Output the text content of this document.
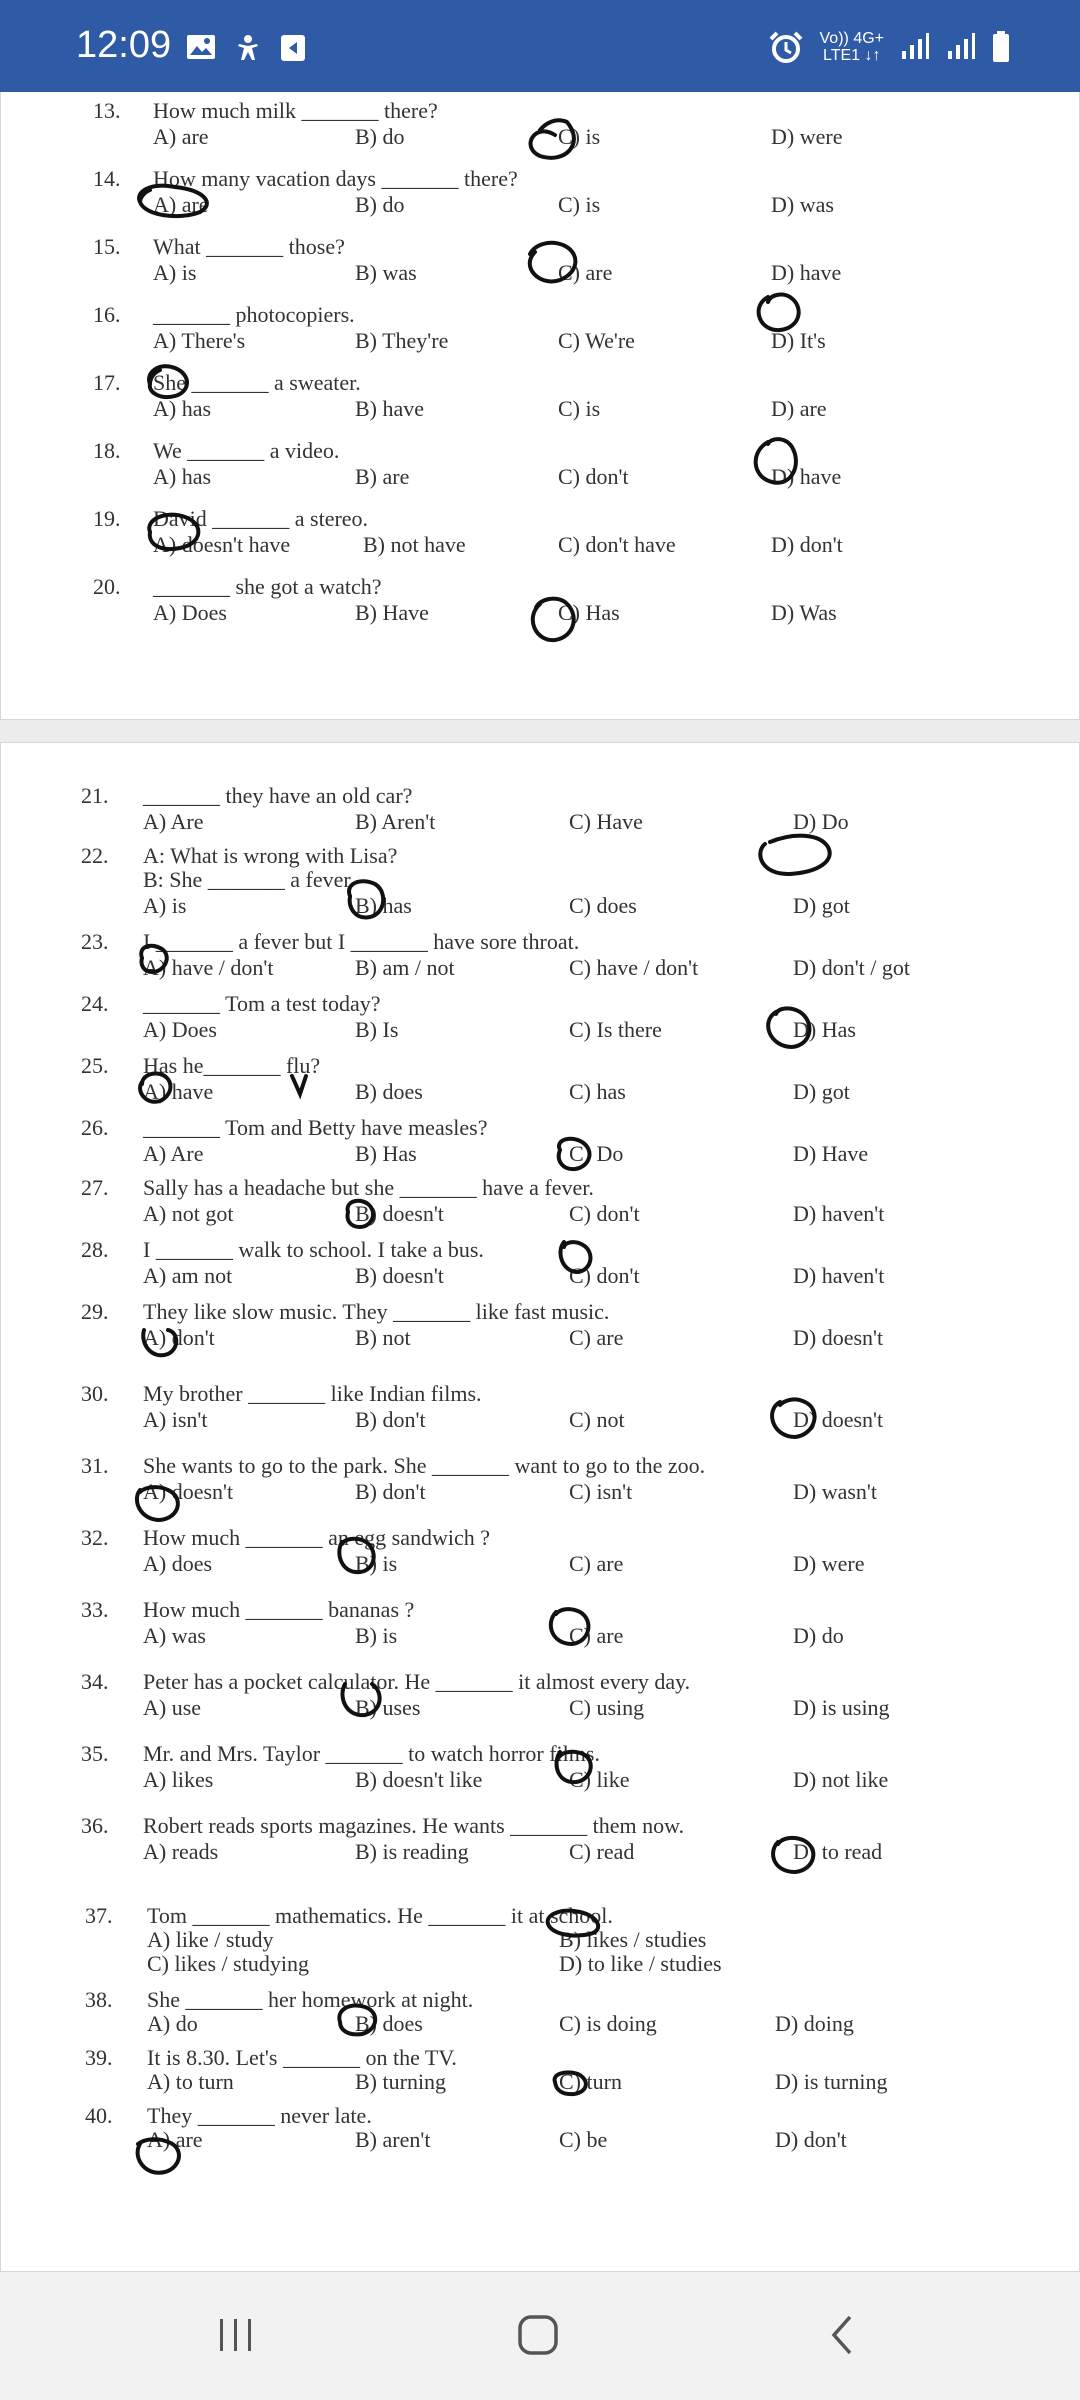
12:09	Vo)) 4G+
LTE1 ↓↑
13. How much milk _______ there?
A) are	B) do	C) is	D) were
14. How many vacation days _______ there?
A) are	B) do	C) is	D) was
15. What _______ those?
A) is	B) was	C) are	D) have
16. _______ photocopiers.
A) There's	B) They're	C) We're	D) It's
17. She _______ a sweater.
A) has	B) have	C) is	D) are
18. We _______ a video.
A) has	B) are	C) don't	D) have
19. David _______ a stereo.
A) doesn't have	B) not have	C) don't have	D) don't
20. _______ she got a watch?
A) Does	B) Have	C) Has	D) Was
21. _______ they have an old car?
A) Are	B) Aren't	C) Have	D) Do
22. A: What is wrong with Lisa?
B: She _______ a fever.
A) is	B) has	C) does	D) got
23. I _______ a fever but I _______ have sore throat.
A) have / don't	B) am / not	C) have / don't	D) don't / got
24. _______ Tom a test today?
A) Does	B) Is	C) Is there	D) Has
25. Has he_______ flu?
A) have	B) does	C) has	D) got
26. _______ Tom and Betty have measles?
A) Are	B) Has	C) Do	D) Have
27. Sally has a headache but she _______ have a fever.
A) not got	B) doesn't	C) don't	D) haven't
28. I _______ walk to school. I take a bus.
A) am not	B) doesn't	C) don't	D) haven't
29. They like slow music. They _______ like fast music.
A) don't	B) not	C) are	D) doesn't
30. My brother _______ like Indian films.
A) isn't	B) don't	C) not	D) doesn't
31. She wants to go to the park. She _______ want to go to the zoo.
A) doesn't	B) don't	C) isn't	D) wasn't
32. How much _______ an egg sandwich ?
A) does	B) is	C) are	D) were
33. How much _______ bananas ?
A) was	B) is	C) are	D) do
34. Peter has a pocket calculator. He _______ it almost every day.
A) use	B) uses	C) using	D) is using
35. Mr. and Mrs. Taylor _______ to watch horror films.
A) likes	B) doesn't like	C) like	D) not like
36. Robert reads sports magazines. He wants _______ them now.
A) reads	B) is reading	C) read	D) to read
37. Tom _______ mathematics. He _______ it at school.
A) like / study	B) likes / studies
C) likes / studying	D) to like / studies
38. She _______ her homework at night.
A) do	B) does	C) is doing	D) doing
39. It is 8.30. Let's _______ on the TV.
A) to turn	B) turning	C) turn	D) is turning
40. They _______ never late.
A) are	B) aren't	C) be	D) don't
